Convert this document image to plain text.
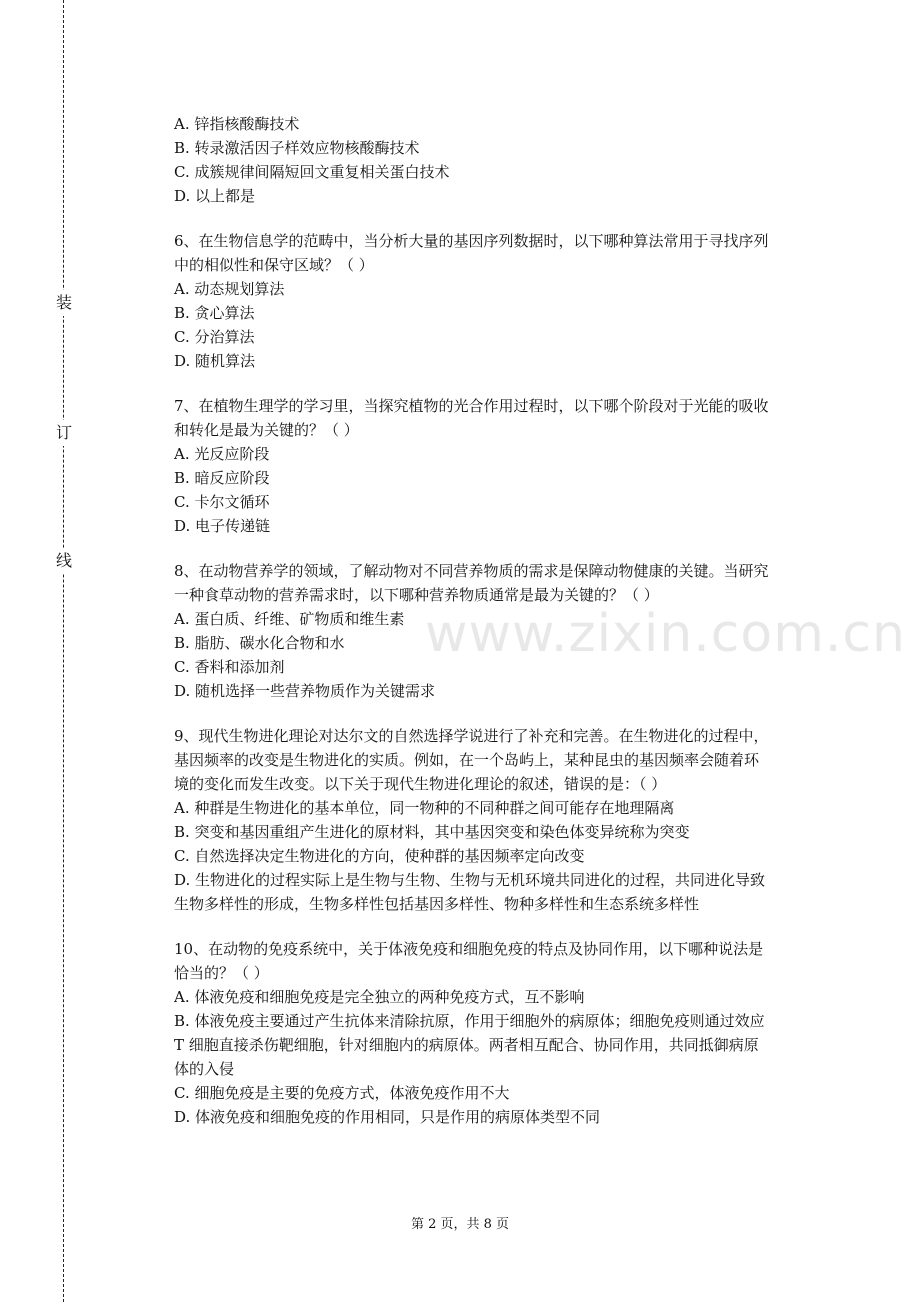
装
订
线
www.zixin.com.cn
A. 锌指核酸酶技术
B. 转录激活因子样效应物核酸酶技术
C. 成簇规律间隔短回文重复相关蛋白技术
D. 以上都是
6、在生物信息学的范畴中，当分析大量的基因序列数据时，以下哪种算法常用于寻找序列
中的相似性和保守区域？（ ）
A. 动态规划算法
B. 贪心算法
C. 分治算法
D. 随机算法
7、在植物生理学的学习里，当探究植物的光合作用过程时，以下哪个阶段对于光能的吸收
和转化是最为关键的？（ ）
A. 光反应阶段
B. 暗反应阶段
C. 卡尔文循环
D. 电子传递链
8、在动物营养学的领域，了解动物对不同营养物质的需求是保障动物健康的关键。当研究
一种食草动物的营养需求时，以下哪种营养物质通常是最为关键的？（ ）
A. 蛋白质、纤维、矿物质和维生素
B. 脂肪、碳水化合物和水
C. 香料和添加剂
D. 随机选择一些营养物质作为关键需求
9、现代生物进化理论对达尔文的自然选择学说进行了补充和完善。在生物进化的过程中，
基因频率的改变是生物进化的实质。例如，在一个岛屿上，某种昆虫的基因频率会随着环
境的变化而发生改变。以下关于现代生物进化理论的叙述，错误的是：（ ）
A. 种群是生物进化的基本单位，同一物种的不同种群之间可能存在地理隔离
B. 突变和基因重组产生进化的原材料，其中基因突变和染色体变异统称为突变
C. 自然选择决定生物进化的方向，使种群的基因频率定向改变
D. 生物进化的过程实际上是生物与生物、生物与无机环境共同进化的过程，共同进化导致
生物多样性的形成，生物多样性包括基因多样性、物种多样性和生态系统多样性
10、在动物的免疫系统中，关于体液免疫和细胞免疫的特点及协同作用，以下哪种说法是
恰当的？（ ）
A. 体液免疫和细胞免疫是完全独立的两种免疫方式，互不影响
B. 体液免疫主要通过产生抗体来清除抗原，作用于细胞外的病原体；细胞免疫则通过效应
T 细胞直接杀伤靶细胞，针对细胞内的病原体。两者相互配合、协同作用，共同抵御病原
体的入侵
C. 细胞免疫是主要的免疫方式，体液免疫作用不大
D. 体液免疫和细胞免疫的作用相同，只是作用的病原体类型不同
第 2 页，共 8 页
